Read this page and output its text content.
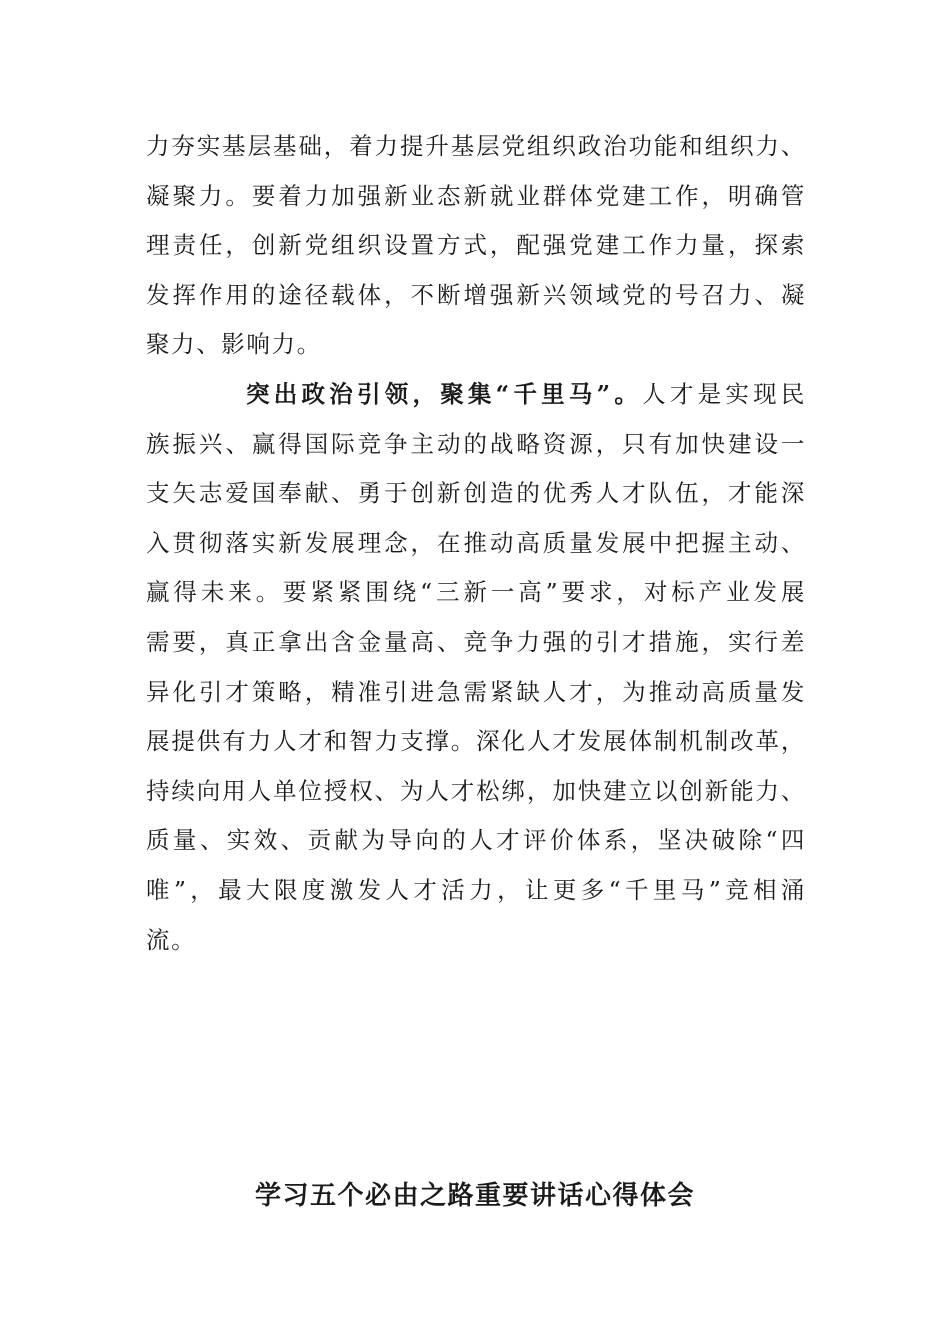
力夯实基层基础，着力提升基层党组织政治功能和组织力、
凝聚力。要着力加强新业态新就业群体党建工作，明确管
理责任，创新党组织设置方式，配强党建工作力量，探索
发挥作用的途径载体，不断增强新兴领域党的号召力、凝
聚力、影响力。
突出政治引领，聚集“千里马”。人才是实现民
族振兴、赢得国际竞争主动的战略资源，只有加快建设一
支矢志爱国奉献、勇于创新创造的优秀人才队伍，才能深
入贯彻落实新发展理念，在推动高质量发展中把握主动、
赢得未来。要紧紧围绕“三新一高”要求，对标产业发展
需要，真正拿出含金量高、竞争力强的引才措施，实行差
异化引才策略，精准引进急需紧缺人才，为推动高质量发
展提供有力人才和智力支撑。深化人才发展体制机制改革，
持续向用人单位授权、为人才松绑，加快建立以创新能力、
质量、实效、贡献为导向的人才评价体系，坚决破除“四
唯”，最大限度激发人才活力，让更多“千里马”竞相涌
流。
学习五个必由之路重要讲话心得体会
